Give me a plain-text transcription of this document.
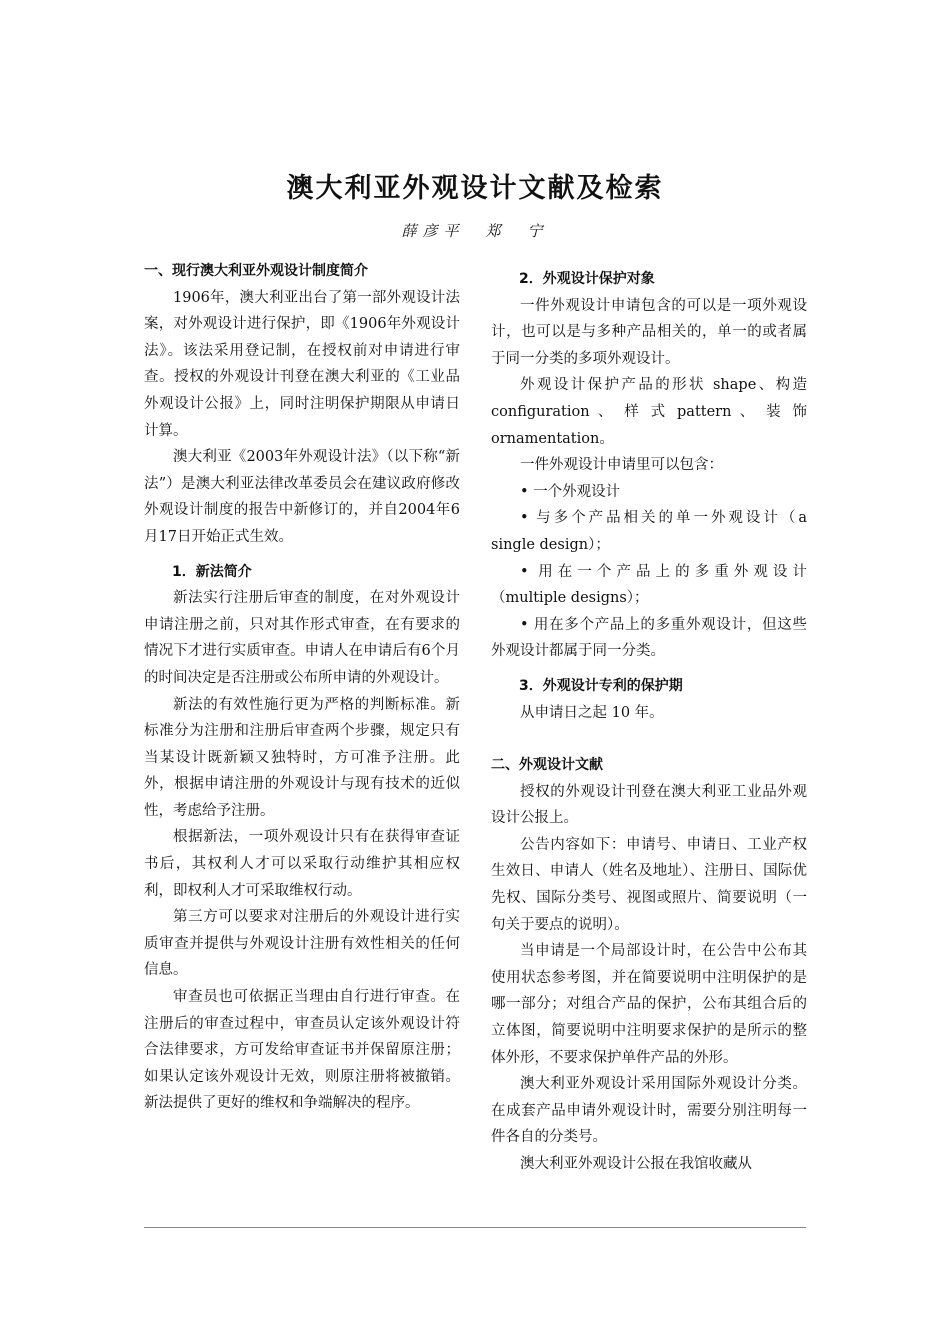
澳大利亚外观设计文献及检索
薛彦平　郑　宁
一、现行澳大利亚外观设计制度简介

1906年，澳大利亚出台了第一部外观设计法案，对外观设计进行保护，即《1906年外观设计法》。该法采用登记制，在授权前对申请进行审查。授权的外观设计刊登在澳大利亚的《工业品外观设计公报》上，同时注明保护期限从申请日计算。

澳大利亚《2003年外观设计法》（以下称“新法”）是澳大利亚法律改革委员会在建议政府修改外观设计制度的报告中新修订的，并自2004年6月17日开始正式生效。

1．新法简介

新法实行注册后审查的制度，在对外观设计申请注册之前，只对其作形式审查，在有要求的情况下才进行实质审查。申请人在申请后有6个月的时间决定是否注册或公布所申请的外观设计。

新法的有效性施行更为严格的判断标准。新标准分为注册和注册后审查两个步骤，规定只有当某设计既新颖又独特时，方可准予注册。此外，根据申请注册的外观设计与现有技术的近似性，考虑给予注册。

根据新法，一项外观设计只有在获得审查证书后，其权利人才可以采取行动维护其相应权利，即权利人才可采取维权行动。

第三方可以要求对注册后的外观设计进行实质审查并提供与外观设计注册有效性相关的任何信息。

审查员也可依据正当理由自行进行审查。在注册后的审查过程中，审查员认定该外观设计符合法律要求，方可发给审查证书并保留原注册；如果认定该外观设计无效，则原注册将被撤销。新法提供了更好的维权和争端解决的程序。

2．外观设计保护对象

一件外观设计申请包含的可以是一项外观设计，也可以是与多种产品相关的，单一的或者属于同一分类的多项外观设计。

外观设计保护产品的形状 shape、构造 configuration 、 样 式 pattern 、 装 饰 ornamentation。

一件外观设计申请里可以包含：

• 一个外观设计

• 与多个产品相关的单一外观设计（a single design）；

• 用在一个产品上的多重外观设计（multiple designs）；

• 用在多个产品上的多重外观设计，但这些外观设计都属于同一分类。

3．外观设计专利的保护期

从申请日之起 10 年。

二、外观设计文献

授权的外观设计刊登在澳大利亚工业品外观设计公报上。

公告内容如下：申请号、申请日、工业产权生效日、申请人（姓名及地址）、注册日、国际优先权、国际分类号、视图或照片、简要说明（一句关于要点的说明）。

当申请是一个局部设计时，在公告中公布其使用状态参考图，并在简要说明中注明保护的是哪一部分；对组合产品的保护，公布其组合后的立体图，简要说明中注明要求保护的是所示的整体外形，不要求保护单件产品的外形。

澳大利亚外观设计采用国际外观设计分类。在成套产品申请外观设计时，需要分别注明每一件各自的分类号。

澳大利亚外观设计公报在我馆收藏从
